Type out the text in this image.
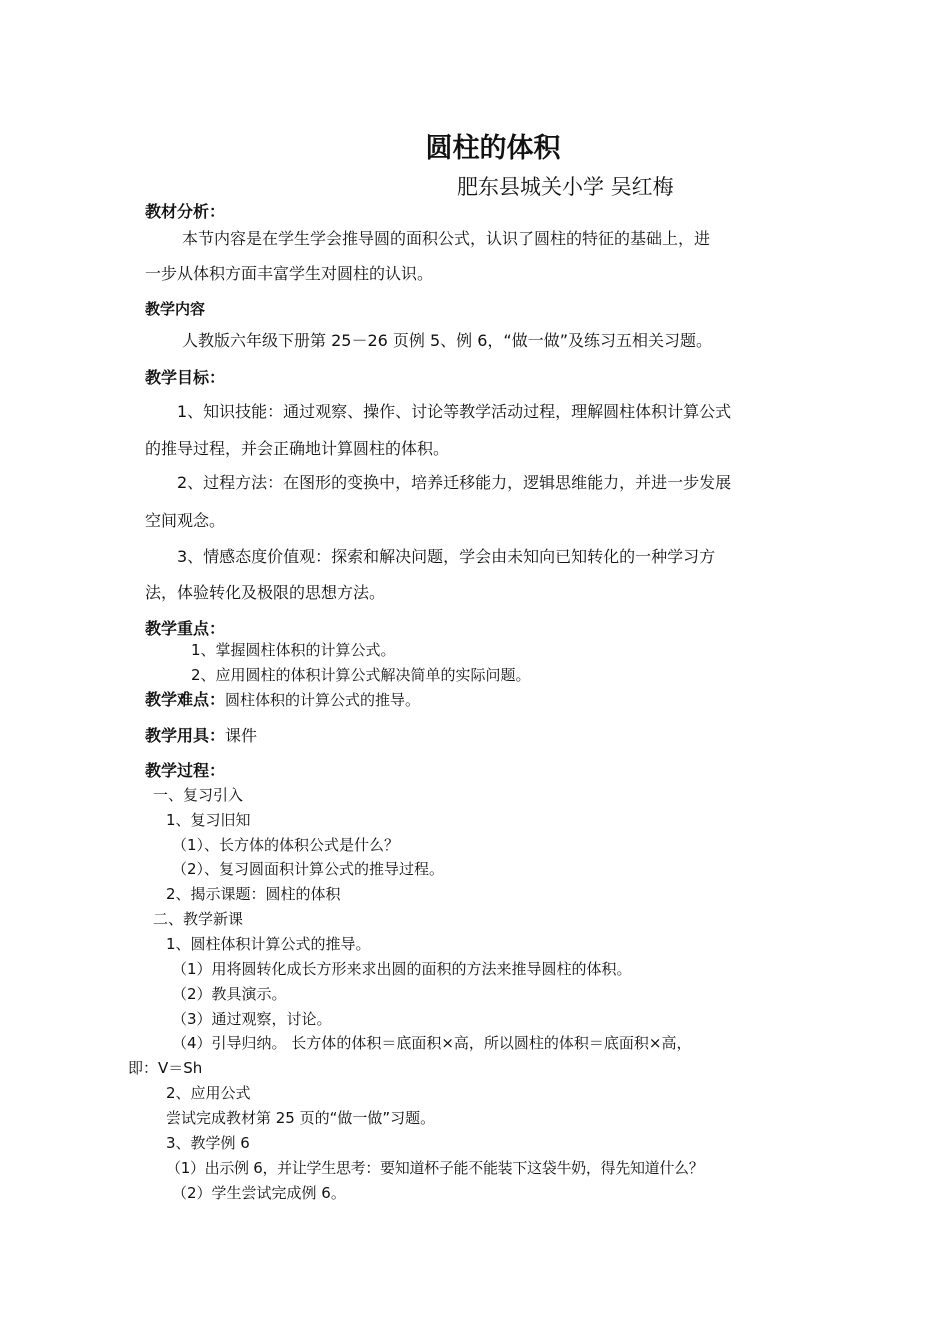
圆柱的体积
肥东县城关小学 吴红梅
教材分析：
本节内容是在学生学会推导圆的面积公式，认识了圆柱的特征的基础上，进
一步从体积方面丰富学生对圆柱的认识。
教学内容
人教版六年级下册第 25－26 页例 5、例 6，“做一做”及练习五相关习题。
教学目标：
1、知识技能：通过观察、操作、讨论等教学活动过程，理解圆柱体积计算公式
的推导过程，并会正确地计算圆柱的体积。
2、过程方法：在图形的变换中，培养迁移能力，逻辑思维能力，并进一步发展
空间观念。
3、情感态度价值观：探索和解决问题，学会由未知向已知转化的一种学习方
法，体验转化及极限的思想方法。
教学重点：
1、掌握圆柱体积的计算公式。
2、应用圆柱的体积计算公式解决简单的实际问题。
教学难点：圆柱体积的计算公式的推导。
教学用具：课件
教学过程：
一、复习引入
1、复习旧知
（1）、长方体的体积公式是什么？
（2）、复习圆面积计算公式的推导过程。
2、揭示课题：圆柱的体积
二、教学新课
1、圆柱体积计算公式的推导。
（1）用将圆转化成长方形来求出圆的面积的方法来推导圆柱的体积。
（2）教具演示。
（3）通过观察，讨论。
（4）引导归纳。 长方体的体积＝底面积×高，所以圆柱的体积＝底面积×高，
即：V＝Sh
2、应用公式
尝试完成教材第 25 页的“做一做”习题。
3、教学例 6
（1）出示例 6，并让学生思考：要知道杯子能不能装下这袋牛奶，得先知道什么？
（2）学生尝试完成例 6。
